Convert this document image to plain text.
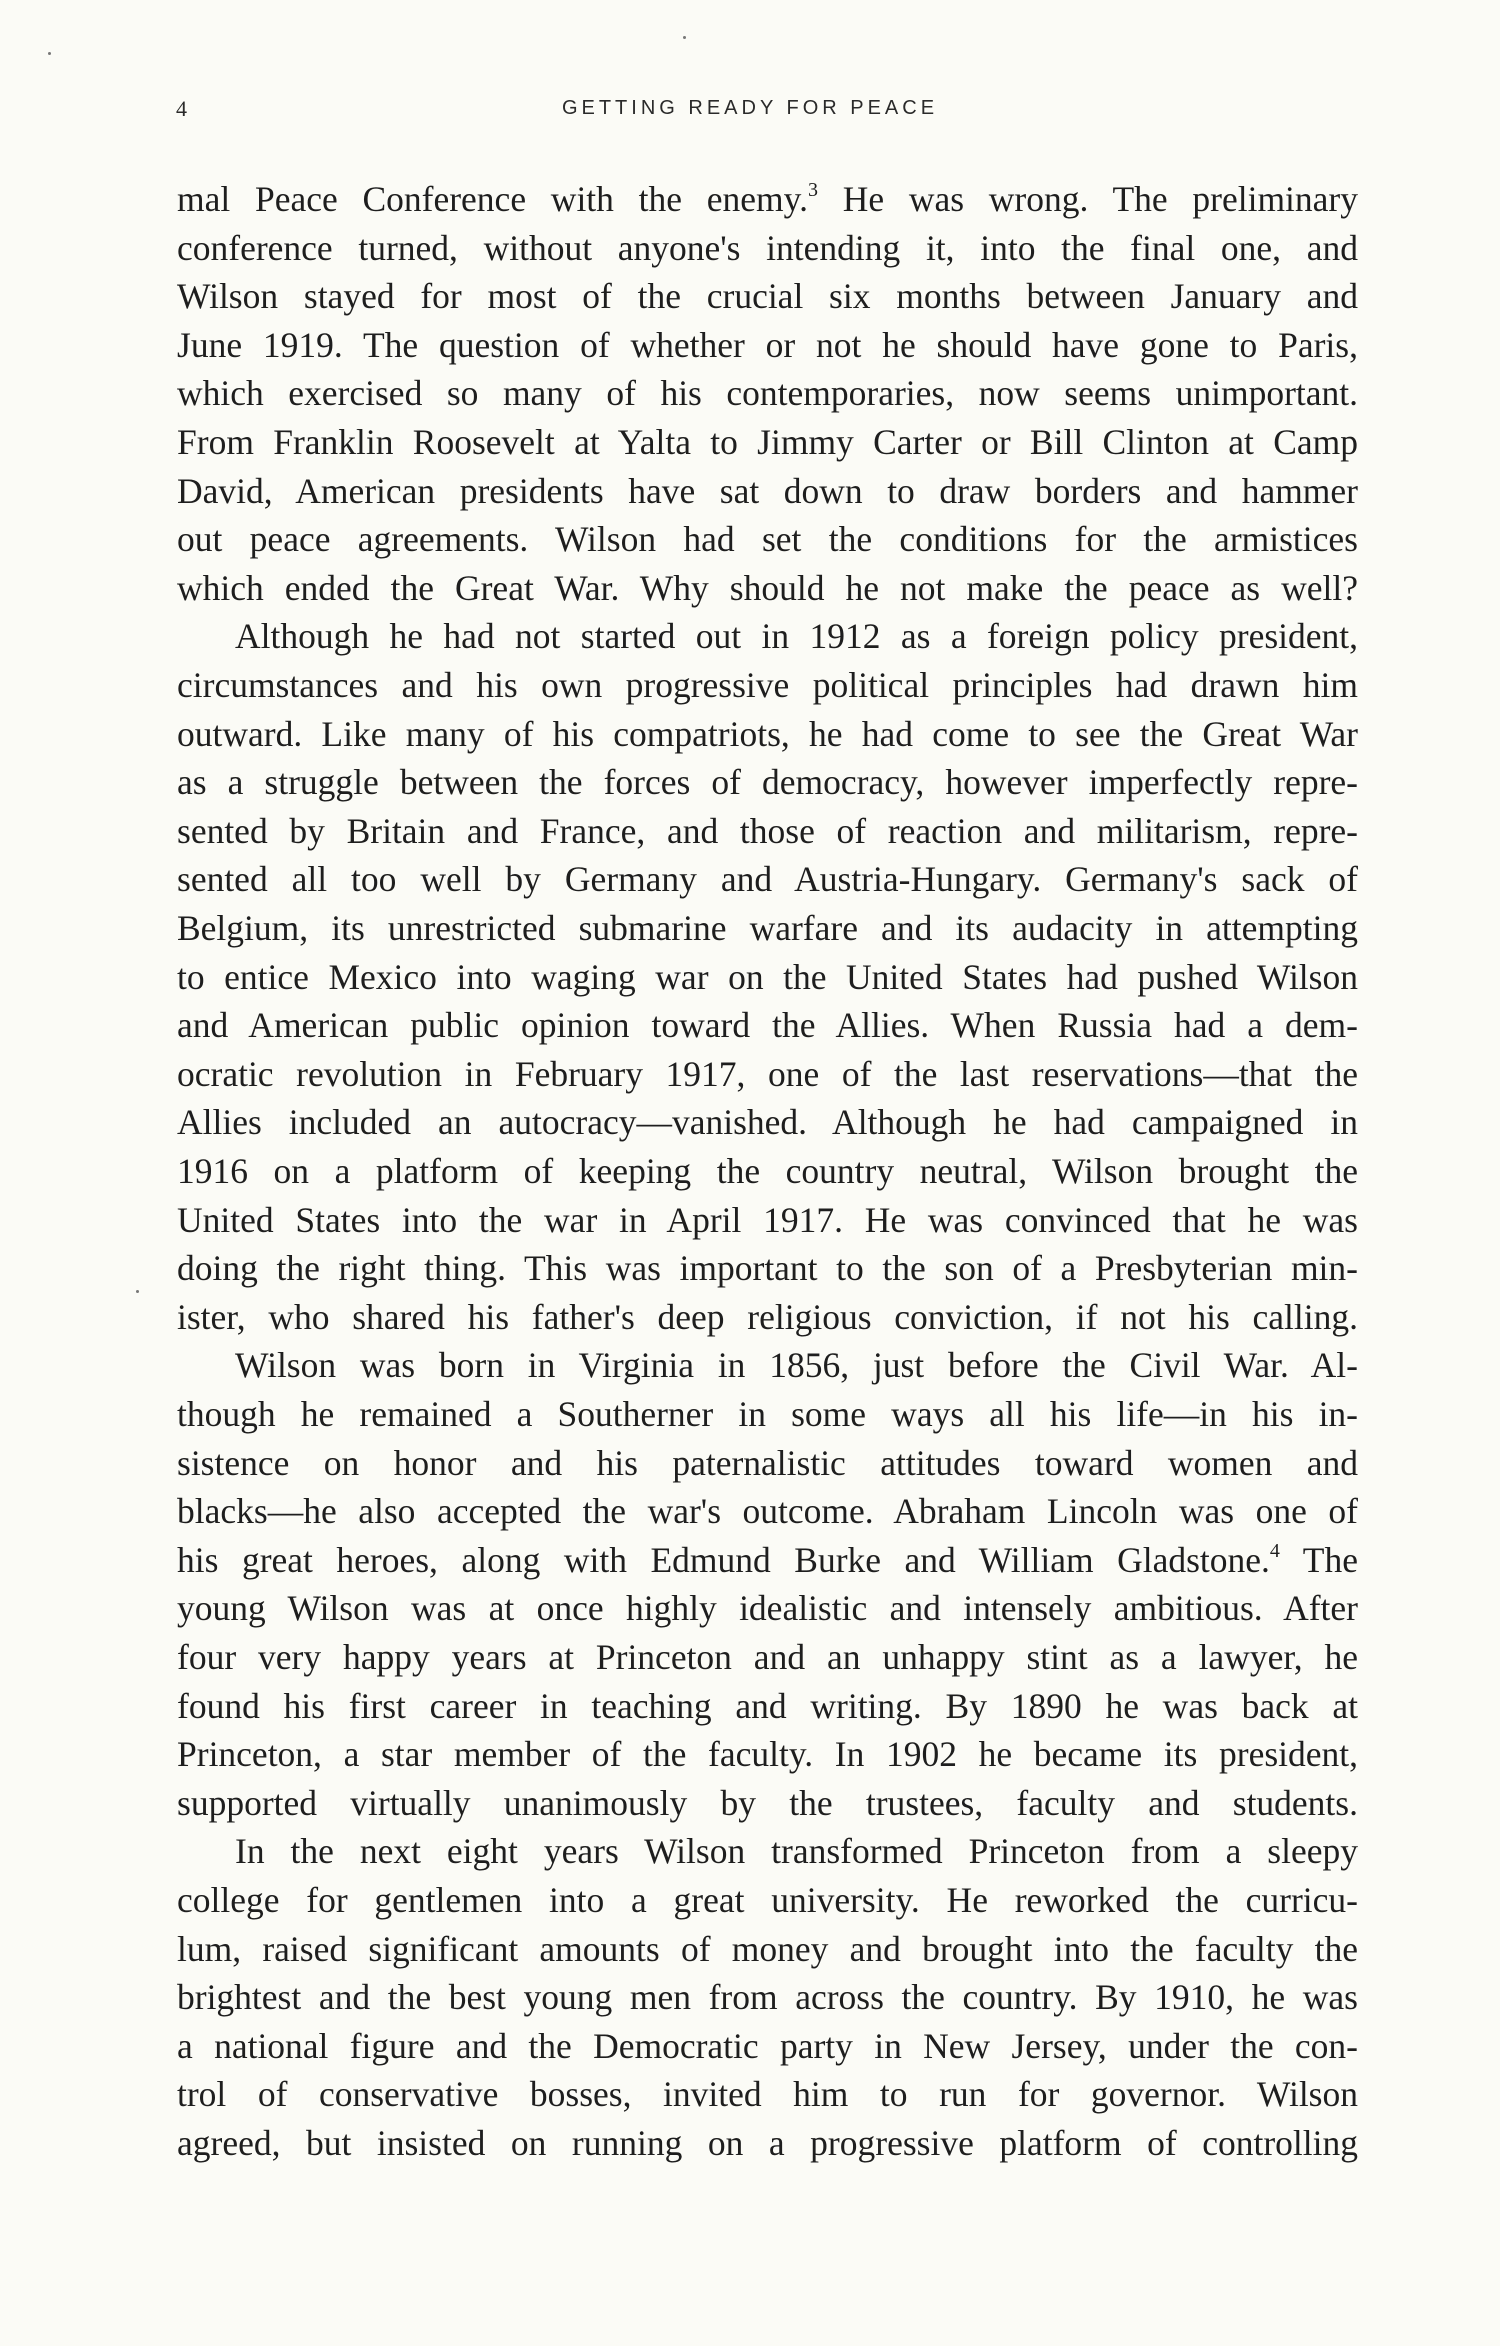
4	GETTING READY FOR PEACE
mal Peace Conference with the enemy.$^3$ He was wrong. The preliminary
conference turned, without anyone's intending it, into the final one, and
Wilson stayed for most of the crucial six months between January and
June 1919. The question of whether or not he should have gone to Paris,
which exercised so many of his contemporaries, now seems unimportant.
From Franklin Roosevelt at Yalta to Jimmy Carter or Bill Clinton at Camp
David, American presidents have sat down to draw borders and hammer
out peace agreements. Wilson had set the conditions for the armistices
which ended the Great War. Why should he not make the peace as well?
Although he had not started out in 1912 as a foreign policy president,
circumstances and his own progressive political principles had drawn him
outward. Like many of his compatriots, he had come to see the Great War
as a struggle between the forces of democracy, however imperfectly repre-
sented by Britain and France, and those of reaction and militarism, repre-
sented all too well by Germany and Austria-Hungary. Germany's sack of
Belgium, its unrestricted submarine warfare and its audacity in attempting
to entice Mexico into waging war on the United States had pushed Wilson
and American public opinion toward the Allies. When Russia had a dem-
ocratic revolution in February 1917, one of the last reservations—that the
Allies included an autocracy—vanished. Although he had campaigned in
1916 on a platform of keeping the country neutral, Wilson brought the
United States into the war in April 1917. He was convinced that he was
doing the right thing. This was important to the son of a Presbyterian min-
ister, who shared his father's deep religious conviction, if not his calling.
Wilson was born in Virginia in 1856, just before the Civil War. Al-
though he remained a Southerner in some ways all his life—in his in-
sistence on honor and his paternalistic attitudes toward women and
blacks—he also accepted the war's outcome. Abraham Lincoln was one of
his great heroes, along with Edmund Burke and William Gladstone.$^4$ The
young Wilson was at once highly idealistic and intensely ambitious. After
four very happy years at Princeton and an unhappy stint as a lawyer, he
found his first career in teaching and writing. By 1890 he was back at
Princeton, a star member of the faculty. In 1902 he became its president,
supported virtually unanimously by the trustees, faculty and students.
In the next eight years Wilson transformed Princeton from a sleepy
college for gentlemen into a great university. He reworked the curricu-
lum, raised significant amounts of money and brought into the faculty the
brightest and the best young men from across the country. By 1910, he was
a national figure and the Democratic party in New Jersey, under the con-
trol of conservative bosses, invited him to run for governor. Wilson
agreed, but insisted on running on a progressive platform of controlling
